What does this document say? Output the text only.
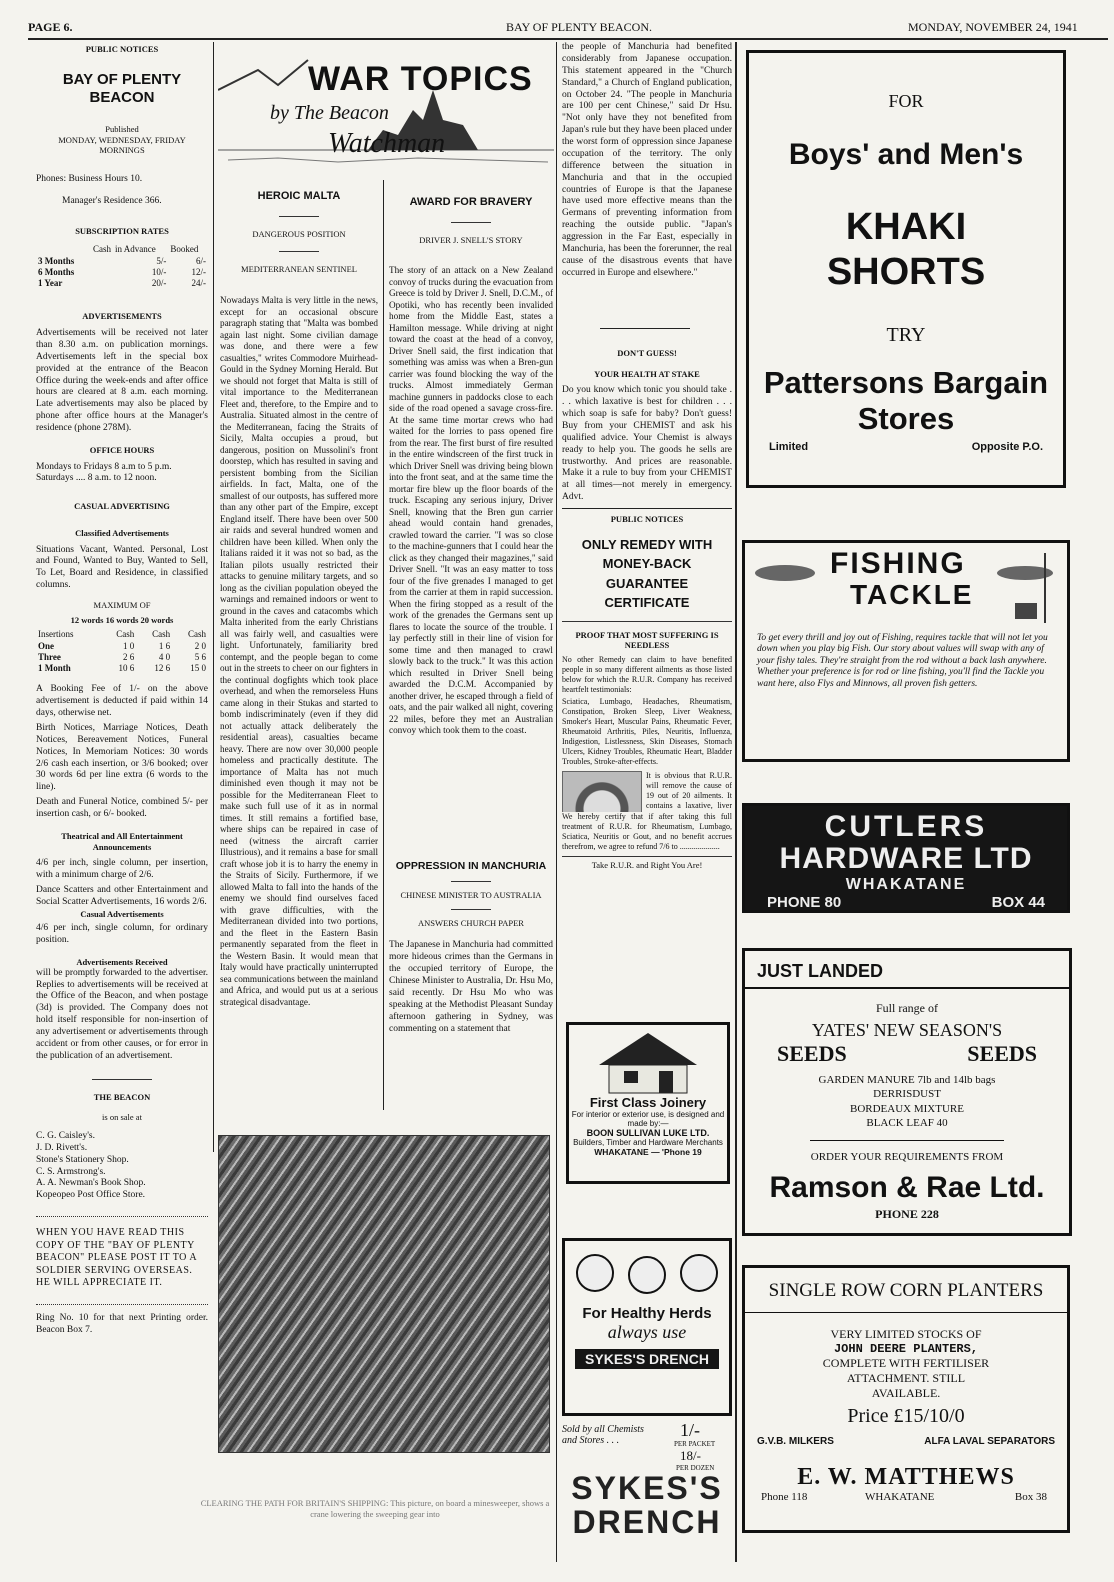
PAGE 6.	BAY OF PLENTY BEACON.	MONDAY, NOVEMBER 24, 1941
PUBLIC NOTICES
BAY OF PLENTY BEACON
Published
MONDAY, WEDNESDAY, FRIDAY
MORNINGS
Phones: Business Hours 10.
Manager's Residence 366.
SUBSCRIPTION RATES
	Cash	in Advance	Booked
3 Months		5/-	6/-
6 Months		10/-	12/-
1 Year		20/-	24/-
ADVERTISEMENTS
Advertisements will be received not later than 8.30 a.m. on publication mornings. Advertisements left in the special box provided at the entrance of the Beacon Office during the week-ends and after office hours are cleared at 8 a.m. each morning. Late advertisements may also be placed by phone after office hours at the Manager's residence (phone 278M).
OFFICE HOURS
Mondays to Fridays 8 a.m to 5 p.m.
Saturdays .... 8 a.m. to 12 noon.
CASUAL ADVERTISING
Classified Advertisements
Situations Vacant, Wanted. Personal, Lost and Found, Wanted to Buy, Wanted to Sell, To Let, Board and Residence, in classified columns.
MAXIMUM OF
12 words 16 words 20 words
Insertions	Cash	Cash	Cash
One	1 0	1 6	2 0
Three	2 6	4 0	5 6
1 Month	10 6	12 6	15 0
A Booking Fee of 1/- on the above advertisement is deducted if paid within 14 days, otherwise net.
Birth Notices, Marriage Notices, Death Notices, Bereavement Notices, Funeral Notices, In Memoriam Notices: 30 words 2/6 cash each insertion, or 3/6 booked; over 30 words 6d per line extra (6 words to the line).
Death and Funeral Notice, combined 5/- per insertion cash, or 6/- booked.
Theatrical and All Entertainment Announcements
4/6 per inch, single column, per insertion, with a minimum charge of 2/6.
Dance Scatters and other Entertainment and Social Scatter Advertisements, 16 words 2/6.
Casual Advertisements
4/6 per inch, single column, for ordinary position.
Advertisements Received
will be promptly forwarded to the advertiser. Replies to advertisements will be received at the Office of the Beacon, and when postage (3d) is provided. The Company does not hold itself responsible for non-insertion of any advertisement or advertisements through accident or from other causes, or for error in the publication of an advertisement.
THE BEACON
is on sale at
C. G. Caisley's.
J. D. Rivett's.
Stone's Stationery Shop.
C. S. Armstrong's.
A. A. Newman's Book Shop.
Kopeopeo Post Office Store.
WHEN YOU HAVE READ THIS COPY OF THE "BAY OF PLENTY BEACON" PLEASE POST IT TO A SOLDIER SERVING OVERSEAS. HE WILL APPRECIATE IT.
Ring No. 10 for that next Printing order. Beacon Box 7.
WAR TOPICS
by The Beacon
Watchman
HEROIC MALTA
DANGEROUS POSITION
MEDITERRANEAN SENTINEL
Nowadays Malta is very little in the news, except for an occasional obscure paragraph stating that "Malta was bombed again last night. Some civilian damage was done, and there were a few casualties," writes Commodore Muirhead-Gould in the Sydney Morning Herald. But we should not forget that Malta is still of vital importance to the Mediterranean Fleet and, therefore, to the Empire and to Australia. Situated almost in the centre of the Mediterranean, facing the Straits of Sicily, Malta occupies a proud, but dangerous, position on Mussolini's front doorstep, which has resulted in saving and persistent bombing from the Sicilian airfields. In fact, Malta, one of the smallest of our outposts, has suffered more than any other part of the Empire, except England itself. There have been over 500 air raids and several hundred women and children have been killed. When only the Italians raided it it was not so bad, as the Italian pilots usually restricted their attacks to genuine military targets, and so long as the civilian population obeyed the warnings and remained indoors or went to ground in the caves and catacombs which Malta inherited from the early Christians all was fairly well, and casualties were light. Unfortunately, familiarity bred contempt, and the people began to come out in the streets to cheer on our fighters in the continual dogfights which took place overhead, and when the remorseless Huns came along in their Stukas and started to bomb indiscriminately (even if they did not actually attack deliberately the residential areas), casualties became heavy. There are now over 30,000 people homeless and practically destitute. The importance of Malta has not much diminished even though it may not be possible for the Mediterranean Fleet to make such full use of it as in normal times. It still remains a fortified base, where ships can be repaired in case of need (witness the aircraft carrier Illustrious), and it remains a base for small craft whose job it is to harry the enemy in the Straits of Sicily. Furthermore, if we allowed Malta to fall into the hands of the enemy we should find ourselves faced with grave difficulties, with the Mediterranean divided into two portions, and the fleet in the Eastern Basin permanently separated from the fleet in the Western Basin. It would mean that Italy would have practically uninterrupted sea communications between the mainland and Africa, and would put us at a serious strategical disadvantage.
AWARD FOR BRAVERY
DRIVER J. SNELL'S STORY
The story of an attack on a New Zealand convoy of trucks during the evacuation from Greece is told by Driver J. Snell, D.C.M., of Opotiki, who has recently been invalided home from the Middle East, states a Hamilton message. While driving at night toward the coast at the head of a convoy, Driver Snell said, the first indication that something was amiss was when a Bren-gun carrier was found blocking the way of the trucks. Almost immediately German machine gunners in paddocks close to each side of the road opened a savage cross-fire. At the same time mortar crews who had waited for the lorries to pass opened fire from the rear. The first burst of fire resulted in the entire windscreen of the first truck in which Driver Snell was driving being blown into the front seat, and at the same time the mortar fire blew up the floor boards of the truck. Escaping any serious injury, Driver Snell, knowing that the Bren gun carrier ahead would contain hand grenades, crawled toward the carrier. "I was so close to the machine-gunners that I could hear the click as they changed their magazines," said Driver Snell. "It was an easy matter to toss four of the five grenades I managed to get from the carrier at them in rapid succession. When the firing stopped as a result of the work of the grenades the Germans sent up flares to locate the source of the trouble. I lay perfectly still in their line of vision for some time and then managed to crawl slowly back to the truck." It was this action which resulted in Driver Snell being awarded the D.C.M. Accompanied by another driver, he escaped through a field of oats, and the pair walked all night, covering 22 miles, before they met an Australian convoy which took them to the coast.
OPPRESSION IN MANCHURIA
CHINESE MINISTER TO AUSTRALIA
ANSWERS CHURCH PAPER
The Japanese in Manchuria had committed more hideous crimes than the Germans in the occupied territory of Europe, the Chinese Minister to Australia, Dr. Hsu Mo, said recently. Dr Hsu Mo who was speaking at the Methodist Pleasant Sunday afternoon gathering in Sydney, was commenting on a statement that
CLEARING THE PATH FOR BRITAIN'S SHIPPING: This picture, on board a minesweeper, shows a crane lowering the sweeping gear into
the people of Manchuria had benefited considerably from Japanese occupation. This statement appeared in the "Church Standard," a Church of England publication, on October 24. "The people in Manchuria are 100 per cent Chinese," said Dr Hsu. "Not only have they not benefited from Japan's rule but they have been placed under the worst form of oppression since Japanese occupation of the territory. The only difference between the situation in Manchuria and that in the occupied countries of Europe is that the Japanese have used more effective means than the Germans of preventing information from reaching the outside public. "Japan's aggression in the Far East, especially in Manchuria, has been the forerunner, the real cause of the disastrous events that have occurred in Europe and elsewhere."
DON'T GUESS!
YOUR HEALTH AT STAKE
Do you know which tonic you should take . . . which laxative is best for children . . . which soap is safe for baby? Don't guess! Buy from your CHEMIST and ask his qualified advice. Your Chemist is always ready to help you. The goods he sells are trustworthy. And prices are reasonable. Make it a rule to buy from your CHEMIST at all times—not merely in emergency. Advt.
PUBLIC NOTICES
ONLY REMEDY WITH MONEY-BACK GUARANTEE CERTIFICATE
PROOF THAT MOST SUFFERING IS NEEDLESS
No other Remedy can claim to have benefited people in so many different ailments as those listed below for which the R.U.R. Company has received heartfelt testimonials:
Sciatica, Lumbago, Headaches, Rheumatism, Constipation, Broken Sleep, Liver Weakness, Smoker's Heart, Muscular Pains, Rheumatic Fever, Rheumatoid Arthritis, Piles, Neuritis, Influenza, Indigestion, Listlessness, Skin Diseases, Stomach Ulcers, Kidney Troubles, Rheumatic Heart, Bladder Troubles, Stroke-after-effects.
It is obvious that R.U.R. will remove the cause of 19 out of 20 ailments. It contains a laxative, liver
We hereby certify that if after taking this full treatment of R.U.R. for Rheumatism, Lumbago, Sciatica, Neuritis or Gout, and no benefit accrues therefrom, we agree to refund 7/6 to ....................
Take R.U.R. and Right You Are!
First Class Joinery
For interior or exterior use, is designed and made by:—
BOON SULLIVAN LUKE LTD.
Builders, Timber and Hardware Merchants
WHAKATANE — 'Phone 19
For Healthy Herds
always use
SYKES'S DRENCH
Sold by all Chemists and Stores . . .
1/-
PER PACKET
18/-
PER DOZEN
SYKES'S
DRENCH
FOR
Boys' and Men's
KHAKI
SHORTS
TRY
Pattersons Bargain Stores
Limited	Opposite P.O.
FISHING
TACKLE
To get every thrill and joy out of Fishing, requires tackle that will not let you down when you play big Fish. Our story about values will swap with any of your fishy tales. They're straight from the rod without a back lash anywhere. Whether your preference is for rod or line fishing, you'll find the Tackle you want here, also Flys and Minnows, all proven fish getters.
CUTLERS
HARDWARE LTD
WHAKATANE
PHONE 80	BOX 44
JUST LANDED
Full range of
YATES' NEW SEASON'S
SEEDS	SEEDS
GARDEN MANURE 7lb and 14lb bags
DERRISDUST
BORDEAUX MIXTURE
BLACK LEAF 40
ORDER YOUR REQUIREMENTS FROM
Ramson & Rae Ltd.
PHONE 228
SINGLE ROW CORN PLANTERS
VERY LIMITED STOCKS OF
JOHN DEERE PLANTERS,
COMPLETE WITH FERTILISER ATTACHMENT. STILL AVAILABLE.
Price £15/10/0
G.V.B. MILKERS	ALFA LAVAL SEPARATORS
E. W. MATTHEWS
Phone 118	WHAKATANE	Box 38
